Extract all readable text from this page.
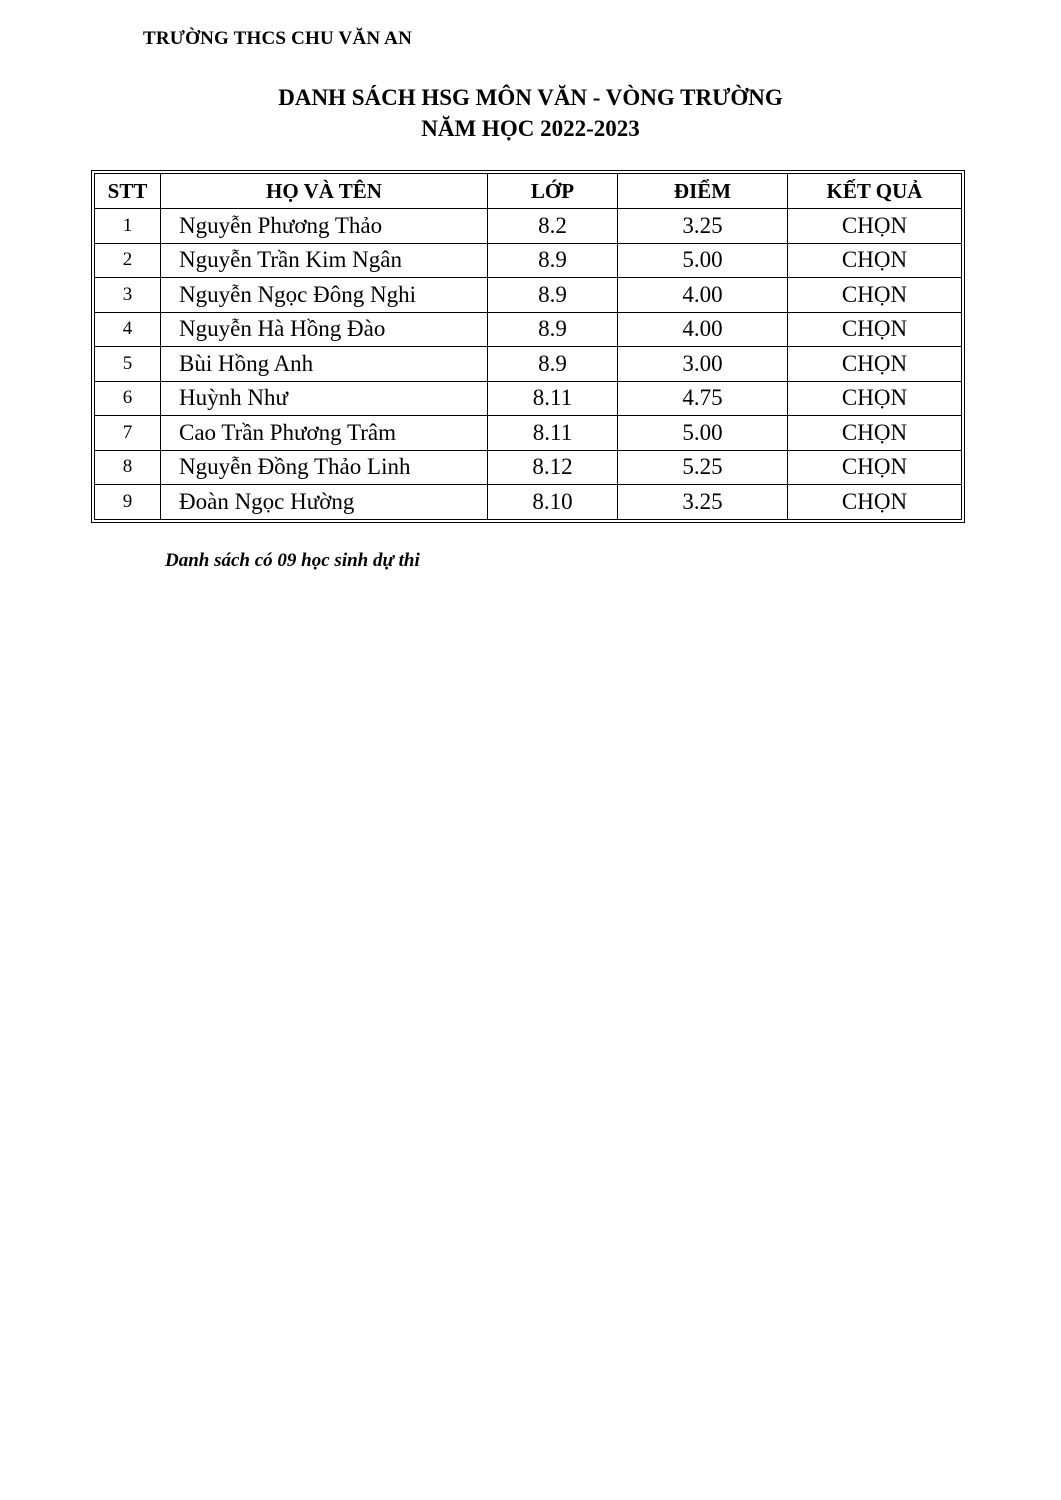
TRƯỜNG THCS CHU VĂN AN
DANH SÁCH HSG MÔN VĂN - VÒNG TRƯỜNG
NĂM HỌC 2022-2023
STT	HỌ VÀ TÊN	LỚP	ĐIỂM	KẾT QUẢ
1	Nguyễn Phương Thảo	8.2	3.25	CHỌN
2	Nguyễn Trần Kim Ngân	8.9	5.00	CHỌN
3	Nguyễn Ngọc Đông Nghi	8.9	4.00	CHỌN
4	Nguyễn Hà Hồng Đào	8.9	4.00	CHỌN
5	Bùi Hồng Anh	8.9	3.00	CHỌN
6	Huỳnh Như	8.11	4.75	CHỌN
7	Cao Trần Phương Trâm	8.11	5.00	CHỌN
8	Nguyễn Đồng Thảo Linh	8.12	5.25	CHỌN
9	Đoàn Ngọc Hường	8.10	3.25	CHỌN
Danh sách có 09 học sinh dự thi
